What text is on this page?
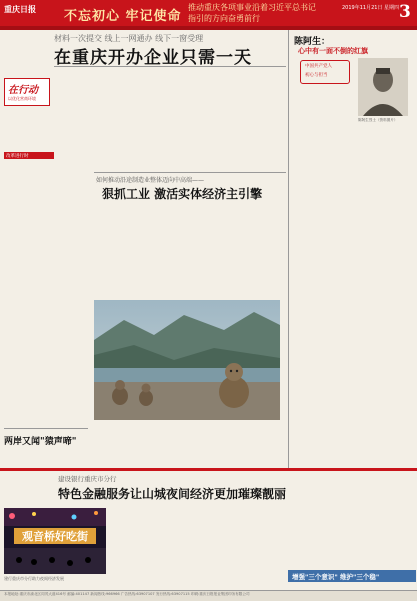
重庆日报 不忘初心 牢记使命
推动重庆各项事业沿着习近平总书记
指引的方向奋勇前行
2019年11月21日 星期四 3
材料一次提交 线上一网通办 线下一窗受理
在重庆开办企业只需一天
在行动
以优化营商环境
改革进行时
如何推动沿途制造业整体迈向中高端——
狠抓工业 激活实体经济主引擎
两岸又闻"猿声啼"
陈阿生：
心中有一面不倒的红旗
中国共产党人
初心与担当
陈阿生烈士（资料图片）
建设银行重庆市分行
特色金融服务让山城夜间经济更加璀璨靓丽
观音桥好吃街
建行重庆市分行助力夜间经济发展	增强"三个意识" 维护"三个稳"
本报地址:重庆市渝北区同茂大道416号 邮编:401147 新闻热线:966966 广告热线:63907107 发行热线:63907115 印刷:重庆日报报业集团印务有限公司
